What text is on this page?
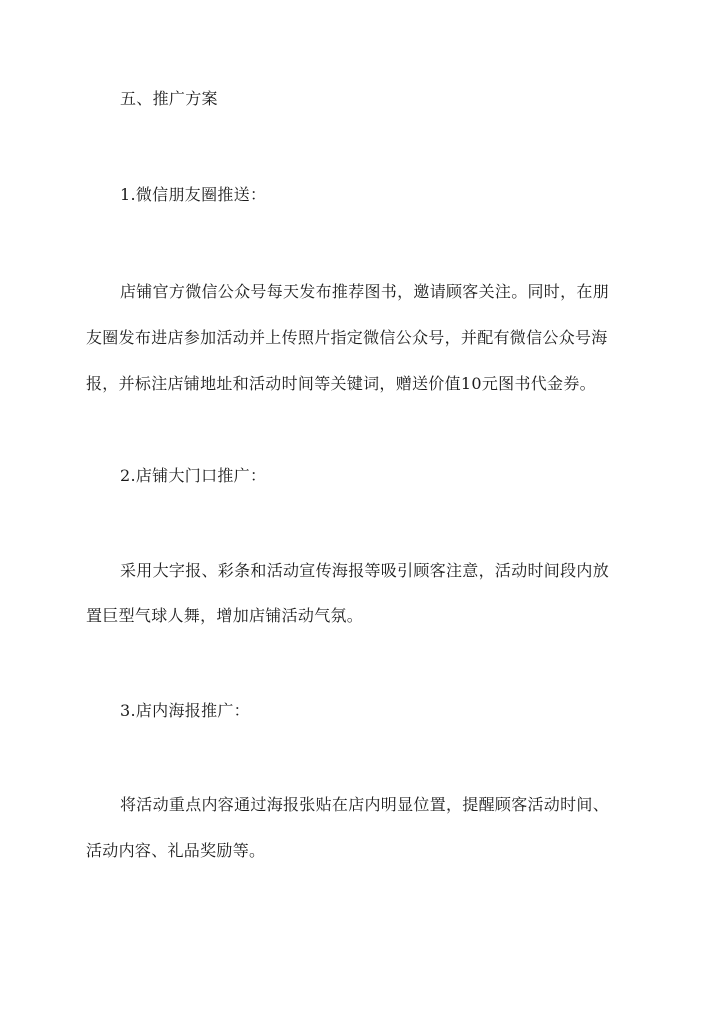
五、推广方案
1.微信朋友圈推送：
店铺官方微信公众号每天发布推荐图书，邀请顾客关注。同时，在朋
友圈发布进店参加活动并上传照片指定微信公众号，并配有微信公众号海
报，并标注店铺地址和活动时间等关键词，赠送价值10元图书代金券。
2.店铺大门口推广：
采用大字报、彩条和活动宣传海报等吸引顾客注意，活动时间段内放
置巨型气球人舞，增加店铺活动气氛。
3.店内海报推广：
将活动重点内容通过海报张贴在店内明显位置，提醒顾客活动时间、
活动内容、礼品奖励等。
